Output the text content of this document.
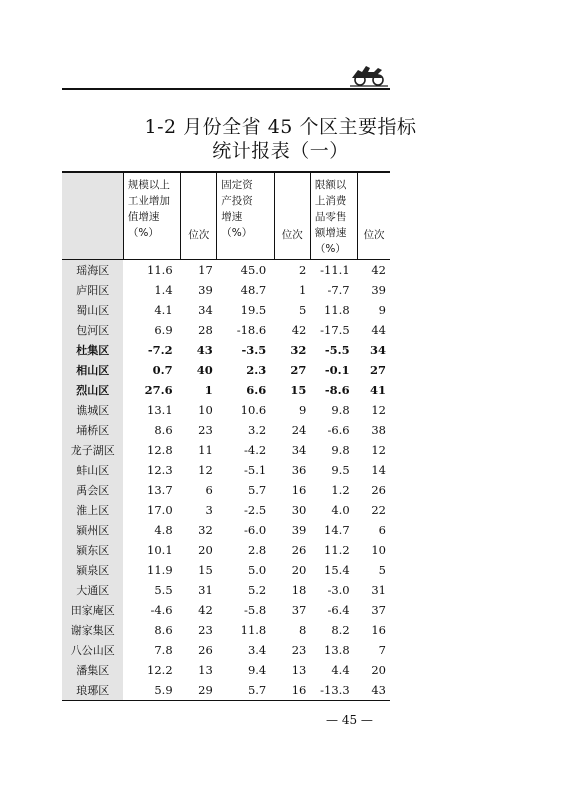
1-2 月份全省 45 个区主要指标
统计报表（一）
	规模以上
工业增加
值增速
（%）	位次	固定资
产投资
增速
（%）	位次	限额以
上消费
品零售
额增速
（%）	位次
瑶海区	11.6	17	45.0	2	-11.1	42
庐阳区	1.4	39	48.7	1	-7.7	39
蜀山区	4.1	34	19.5	5	11.8	9
包河区	6.9	28	-18.6	42	-17.5	44
杜集区	-7.2	43	-3.5	32	-5.5	34
相山区	0.7	40	2.3	27	-0.1	27
烈山区	27.6	1	6.6	15	-8.6	41
谯城区	13.1	10	10.6	9	9.8	12
埇桥区	8.6	23	3.2	24	-6.6	38
龙子湖区	12.8	11	-4.2	34	9.8	12
蚌山区	12.3	12	-5.1	36	9.5	14
禹会区	13.7	6	5.7	16	1.2	26
淮上区	17.0	3	-2.5	30	4.0	22
颍州区	4.8	32	-6.0	39	14.7	6
颍东区	10.1	20	2.8	26	11.2	10
颍泉区	11.9	15	5.0	20	15.4	5
大通区	5.5	31	5.2	18	-3.0	31
田家庵区	-4.6	42	-5.8	37	-6.4	37
谢家集区	8.6	23	11.8	8	8.2	16
八公山区	7.8	26	3.4	23	13.8	7
潘集区	12.2	13	9.4	13	4.4	20
琅琊区	5.9	29	5.7	16	-13.3	43
— 45 —
